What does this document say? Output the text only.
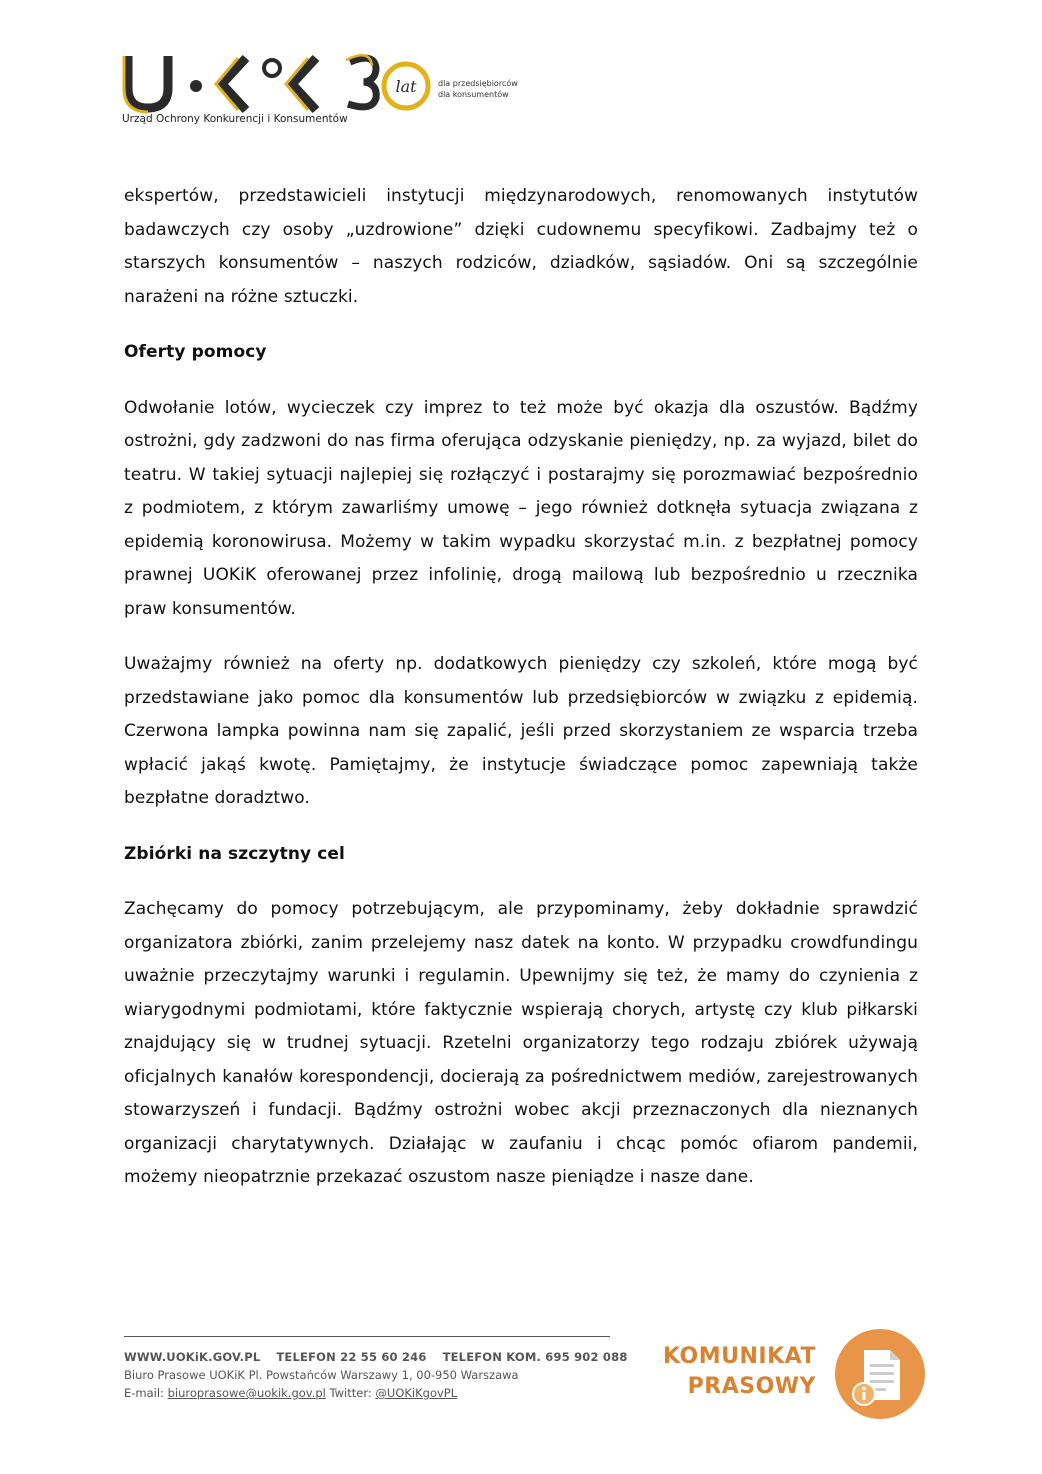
lat
Urząd Ochrony Konkurencji i Konsumentów
dla przedsiębiorców
dla konsumentów

ekspertów, przedstawicieli instytucji międzynarodowych, renomowanych instytutów badawczych czy osoby „uzdrowione” dzięki cudownemu specyfikowi. Zadbajmy też o starszych konsumentów – naszych rodziców, dziadków, sąsiadów. Oni są szczególnie narażeni na różne sztuczki.

Oferty pomocy

Odwołanie lotów, wycieczek czy imprez to też może być okazja dla oszustów. Bądźmy ostrożni, gdy zadzwoni do nas firma oferująca odzyskanie pieniędzy, np. za wyjazd, bilet do teatru. W takiej sytuacji najlepiej się rozłączyć i postarajmy się porozmawiać bezpośrednio z podmiotem, z którym zawarliśmy umowę – jego również dotknęła sytuacja związana z epidemią koronowirusa. Możemy w takim wypadku skorzystać m.in. z bezpłatnej pomocy prawnej UOKiK oferowanej przez infolinię, drogą mailową lub bezpośrednio u rzecznika praw konsumentów.

Uważajmy również na oferty np. dodatkowych pieniędzy czy szkoleń, które mogą być przedstawiane jako pomoc dla konsumentów lub przedsiębiorców w związku z epidemią. Czerwona lampka powinna nam się zapalić, jeśli przed skorzystaniem ze wsparcia trzeba wpłacić jakąś kwotę. Pamiętajmy, że instytucje świadczące pomoc zapewniają także bezpłatne doradztwo.

Zbiórki na szczytny cel

Zachęcamy do pomocy potrzebującym, ale przypominamy, żeby dokładnie sprawdzić organizatora zbiórki, zanim przelejemy nasz datek na konto. W przypadku crowdfundingu uważnie przeczytajmy warunki i regulamin. Upewnijmy się też, że mamy do czynienia z wiarygodnymi podmiotami, które faktycznie wspierają chorych, artystę czy klub piłkarski znajdujący się w trudnej sytuacji. Rzetelni organizatorzy tego rodzaju zbiórek używają oficjalnych kanałów korespondencji, docierają za pośrednictwem mediów, zarejestrowanych stowarzyszeń i fundacji. Bądźmy ostrożni wobec akcji przeznaczonych dla nieznanych organizacji charytatywnych. Działając w zaufaniu i chcąc pomóc ofiarom pandemii, możemy nieopatrznie przekazać oszustom nasze pieniądze i nasze dane.

WWW.UOKiK.GOV.PL TELEFON 22 55 60 246 TELEFON KOM. 695 902 088
Biuro Prasowe UOKiK Pl. Powstańców Warszawy 1, 00-950 Warszawa
E-mail: biuroprasowe@uokik.gov.pl Twitter: @UOKiKgovPL
KOMUNIKAT
PRASOWY
